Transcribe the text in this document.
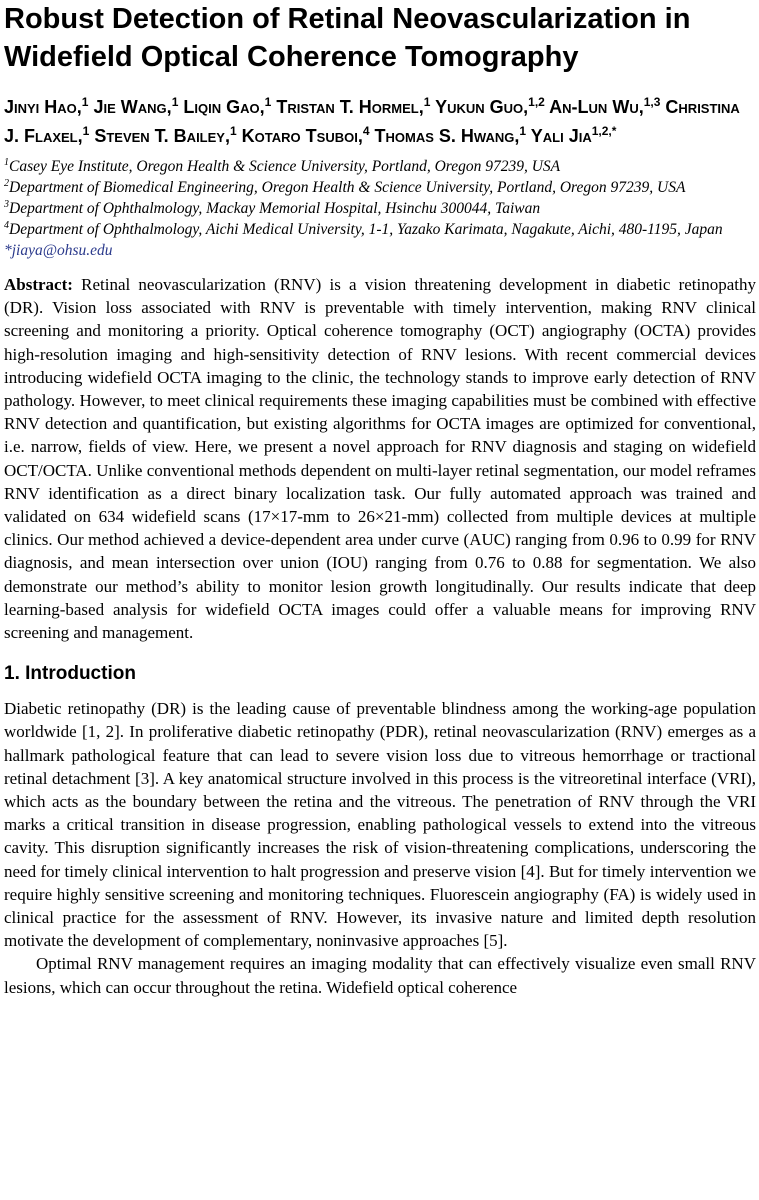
Robust Detection of Retinal Neovascularization in Widefield Optical Coherence Tomography
Jinyi Hao,$^1$ Jie Wang,$^1$ Liqin Gao,$^1$ Tristan T. Hormel,$^1$ Yukun Guo,$^{1,2}$ An-Lun Wu,$^{1,3}$ Christina J. Flaxel,$^1$ Steven T. Bailey,$^1$ Kotaro Tsuboi,$^4$ Thomas S. Hwang,$^1$ Yali Jia$^{1,2,*}$
$^1$Casey Eye Institute, Oregon Health & Science University, Portland, Oregon 97239, USA
$^2$Department of Biomedical Engineering, Oregon Health & Science University, Portland, Oregon 97239, USA
$^3$Department of Ophthalmology, Mackay Memorial Hospital, Hsinchu 300044, Taiwan
$^4$Department of Ophthalmology, Aichi Medical University, 1-1, Yazako Karimata, Nagakute, Aichi, 480-1195, Japan
*jiaya@ohsu.edu

Abstract: Retinal neovascularization (RNV) is a vision threatening development in diabetic retinopathy (DR). Vision loss associated with RNV is preventable with timely intervention, making RNV clinical screening and monitoring a priority. Optical coherence tomography (OCT) angiography (OCTA) provides high-resolution imaging and high-sensitivity detection of RNV lesions. With recent commercial devices introducing widefield OCTA imaging to the clinic, the technology stands to improve early detection of RNV pathology. However, to meet clinical requirements these imaging capabilities must be combined with effective RNV detection and quantification, but existing algorithms for OCTA images are optimized for conventional, i.e. narrow, fields of view. Here, we present a novel approach for RNV diagnosis and staging on widefield OCT/OCTA. Unlike conventional methods dependent on multi-layer retinal segmentation, our model reframes RNV identification as a direct binary localization task. Our fully automated approach was trained and validated on 634 widefield scans (17×17-mm to 26×21-mm) collected from multiple devices at multiple clinics. Our method achieved a device-dependent area under curve (AUC) ranging from 0.96 to 0.99 for RNV diagnosis, and mean intersection over union (IOU) ranging from 0.76 to 0.88 for segmentation. We also demonstrate our method’s ability to monitor lesion growth longitudinally. Our results indicate that deep learning-based analysis for widefield OCTA images could offer a valuable means for improving RNV screening and management.

1. Introduction

Diabetic retinopathy (DR) is the leading cause of preventable blindness among the working-age population worldwide [1, 2]. In proliferative diabetic retinopathy (PDR), retinal neovascularization (RNV) emerges as a hallmark pathological feature that can lead to severe vision loss due to vitreous hemorrhage or tractional retinal detachment [3]. A key anatomical structure involved in this process is the vitreoretinal interface (VRI), which acts as the boundary between the retina and the vitreous. The penetration of RNV through the VRI marks a critical transition in disease progression, enabling pathological vessels to extend into the vitreous cavity. This disruption significantly increases the risk of vision-threatening complications, underscoring the need for timely clinical intervention to halt progression and preserve vision [4]. But for timely intervention we require highly sensitive screening and monitoring techniques. Fluorescein angiography (FA) is widely used in clinical practice for the assessment of RNV. However, its invasive nature and limited depth resolution motivate the development of complementary, noninvasive approaches [5].

Optimal RNV management requires an imaging modality that can effectively visualize even small RNV lesions, which can occur throughout the retina. Widefield optical coherence
